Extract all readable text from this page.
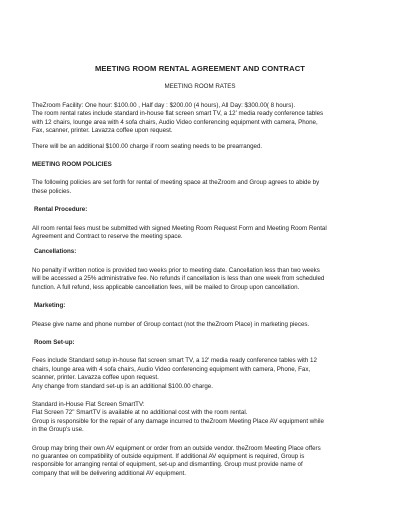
MEETING ROOM RENTAL AGREEMENT AND CONTRACT
MEETING ROOM RATES

TheZroom Facility: One hour: $100.00 , Half day : $200.00 (4 hours), All Day: $300.00( 8 hours).

The room rental rates include standard in-house flat screen smart TV, a 12' media ready conference tables

with 12 chairs, lounge area with 4 sofa chairs, Audio Video conferencing equipment with camera, Phone,

Fax, scanner, printer. Lavazza coffee upon request.

There will be an additional $100.00 charge if room seating needs to be prearranged.

MEETING ROOM POLICIES

The following policies are set forth for rental of meeting space at theZroom and Group agrees to abide by

these policies.

Rental Procedure:

All room rental fees must be submitted with signed Meeting Room Request Form and Meeting Room Rental

Agreement and Contract to reserve the meeting space.

Cancellations:

No penalty if written notice is provided two weeks prior to meeting date. Cancellation less than two weeks

will be accessed a 25% administrative fee. No refunds if cancellation is less than one week from scheduled

function. A full refund, less applicable cancellation fees, will be mailed to Group upon cancellation.

Marketing:

Please give name and phone number of Group contact (not the theZroom Place) in marketing pieces.

Room Set-up:

Fees include Standard setup in-house flat screen smart TV, a 12' media ready conference tables with 12

chairs, lounge area with 4 sofa chairs, Audio Video conferencing equipment with camera, Phone, Fax,

scanner, printer. Lavazza coffee upon request.

Any change from standard set-up is an additional $100.00 charge.

Standard in-House Flat Screen SmartTV:

Flat Screen 72" SmartTV is available at no additional cost with the room rental.

Group is responsible for the repair of any damage incurred to theZroom Meeting Place AV equipment while

in the Group's use.

Group may bring their own AV equipment or order from an outside vendor. theZroom Meeting Place offers

no guarantee on compatibility of outside equipment. If additional AV equipment is required, Group is

responsible for arranging rental of equipment, set-up and dismantling. Group must provide name of

company that will be delivering additional AV equipment.
